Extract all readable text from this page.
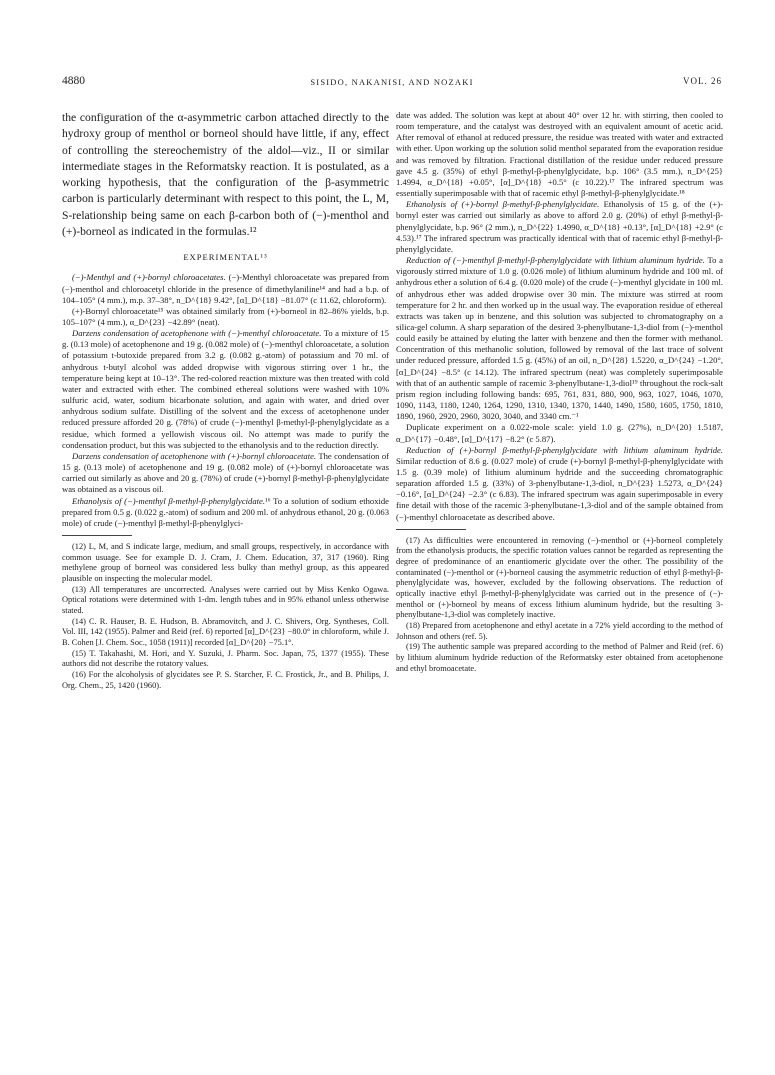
4880	SISIDO, NAKANISI, AND NOZAKI	VOL. 26

the configuration of the α-asymmetric carbon attached directly to the hydroxy group of menthol or borneol should have little, if any, effect of controlling the stereochemistry of the aldol—viz., II or similar intermediate stages in the Reformatsky reaction. It is postulated, as a working hypothesis, that the configuration of the β-asymmetric carbon is particularly determinant with respect to this point, the L, M, S-relationship being same on each β-carbon both of (−)-menthol and (+)-borneol as indicated in the formulas.¹²

EXPERIMENTAL¹³

(−)-Menthyl and (+)-bornyl chloroacetates. (−)-Menthyl chloroacetate was prepared from (−)-menthol and chloroacetyl chloride in the presence of dimethylaniline¹⁴ and had a b.p. of 104–105° (4 mm.), m.p. 37–38°, n_D^{18} 9.42°, [α]_D^{18} −81.07° (c 11.62, chloroform).

(+)-Bornyl chloroacetate¹⁵ was obtained similarly from (+)-borneol in 82–86% yields, b.p. 105–107° (4 mm.), α_D^{23} −42.89° (neat).

Darzens condensation of acetophenone with (−)-menthyl chloroacetate. To a mixture of 15 g. (0.13 mole) of acetophenone and 19 g. (0.082 mole) of (−)-menthyl chloroacetate, a solution of potassium t-butoxide prepared from 3.2 g. (0.082 g.-atom) of potassium and 70 ml. of anhydrous t-butyl alcohol was added dropwise with vigorous stirring over 1 hr., the temperature being kept at 10–13°. The red-colored reaction mixture was then treated with cold water and extracted with ether. The combined ethereal solutions were washed with 10% sulfuric acid, water, sodium bicarbonate solution, and again with water, and dried over anhydrous sodium sulfate. Distilling of the solvent and the excess of acetophenone under reduced pressure afforded 20 g. (78%) of crude (−)-menthyl β-methyl-β-phenylglycidate as a residue, which formed a yellowish viscous oil. No attempt was made to purify the condensation product, but this was subjected to the ethanolysis and to the reduction directly.

Darzens condensation of acetophenone with (+)-bornyl chloroacetate. The condensation of 15 g. (0.13 mole) of acetophenone and 19 g. (0.082 mole) of (+)-bornyl chloroacetate was carried out similarly as above and 20 g. (78%) of crude (+)-bornyl β-methyl-β-phenylglycidate was obtained as a viscous oil.

Ethanolysis of (−)-menthyl β-methyl-β-phenylglycidate.¹⁶ To a solution of sodium ethoxide prepared from 0.5 g. (0.022 g.-atom) of sodium and 200 ml. of anhydrous ethanol, 20 g. (0.063 mole) of crude (−)-menthyl β-methyl-β-phenylglyci-

(12) L, M, and S indicate large, medium, and small groups, respectively, in accordance with common usuage. See for example D. J. Cram, J. Chem. Education, 37, 317 (1960). Ring methylene group of borneol was considered less bulky than methyl group, as this appeared plausible on inspecting the molecular model.

(13) All temperatures are uncorrected. Analyses were carried out by Miss Kenko Ogawa. Optical rotations were determined with 1-dm. length tubes and in 95% ethanol unless otherwise stated.

(14) C. R. Hauser, B. E. Hudson, B. Abramovitch, and J. C. Shivers, Org. Syntheses, Coll. Vol. III, 142 (1955). Palmer and Reid (ref. 6) reported [α]_D^{23} −80.0° in chloroform, while J. B. Cohen [J. Chem. Soc., 1058 (1911)] recorded [α]_D^{20} −75.1°.

(15) T. Takahashi, M. Hori, and Y. Suzuki, J. Pharm. Soc. Japan, 75, 1377 (1955). These authors did not describe the rotatory values.

(16) For the alcoholysis of glycidates see P. S. Starcher, F. C. Frostick, Jr., and B. Philips, J. Org. Chem., 25, 1420 (1960).

date was added. The solution was kept at about 40° over 12 hr. with stirring, then cooled to room temperature, and the catalyst was destroyed with an equivalent amount of acetic acid. After removal of ethanol at reduced pressure, the residue was treated with water and extracted with ether. Upon working up the solution solid menthol separated from the evaporation residue and was removed by filtration. Fractional distillation of the residue under reduced pressure gave 4.5 g. (35%) of ethyl β-methyl-β-phenylglycidate, b.p. 106° (3.5 mm.), n_D^{25} 1.4994, α_D^{18} +0.05°, [α]_D^{18} +0.5° (c 10.22).¹⁷ The infrared spectrum was essentially superimposable with that of racemic ethyl β-methyl-β-phenylglycidate.¹⁸

Ethanolysis of (+)-bornyl β-methyl-β-phenylglycidate. Ethanolysis of 15 g. of the (+)-bornyl ester was carried out similarly as above to afford 2.0 g. (20%) of ethyl β-methyl-β-phenylglycidate, b.p. 96° (2 mm.), n_D^{22} 1.4990, α_D^{18} +0.13°, [α]_D^{18} +2.9° (c 4.53).¹⁷ The infrared spectrum was practically identical with that of racemic ethyl β-methyl-β-phenylglycidate.

Reduction of (−)-menthyl β-methyl-β-phenylglycidate with lithium aluminum hydride. To a vigorously stirred mixture of 1.0 g. (0.026 mole) of lithium aluminum hydride and 100 ml. of anhydrous ether a solution of 6.4 g. (0.020 mole) of the crude (−)-menthyl glycidate in 100 ml. of anhydrous ether was added dropwise over 30 min. The mixture was stirred at room temperature for 2 hr. and then worked up in the usual way. The evaporation residue of ethereal extracts was taken up in benzene, and this solution was subjected to chromatography on a silica-gel column. A sharp separation of the desired 3-phenylbutane-1,3-diol from (−)-menthol could easily be attained by eluting the latter with benzene and then the former with methanol. Concentration of this methanolic solution, followed by removal of the last trace of solvent under reduced pressure, afforded 1.5 g. (45%) of an oil, n_D^{28} 1.5220, α_D^{24} −1.20°, [α]_D^{24} −8.5° (c 14.12). The infrared spectrum (neat) was completely superimposable with that of an authentic sample of racemic 3-phenylbutane-1,3-diol¹⁹ throughout the rock-salt prism region including following bands: 695, 761, 831, 880, 900, 963, 1027, 1046, 1070, 1090, 1143, 1180, 1240, 1264, 1290, 1310, 1340, 1370, 1440, 1490, 1580, 1605, 1750, 1810, 1890, 1960, 2920, 2960, 3020, 3040, and 3340 cm.⁻¹

Duplicate experiment on a 0.022-mole scale: yield 1.0 g. (27%), n_D^{20} 1.5187, α_D^{17} −0.48°, [α]_D^{17} −8.2° (c 5.87).

Reduction of (+)-bornyl β-methyl-β-phenylglycidate with lithium aluminum hydride. Similar reduction of 8.6 g. (0.027 mole) of crude (+)-bornyl β-methyl-β-phenylglycidate with 1.5 g. (0.39 mole) of lithium aluminum hydride and the succeeding chromatographic separation afforded 1.5 g. (33%) of 3-phenylbutane-1,3-diol, n_D^{23} 1.5273, α_D^{24} −0.16°, [α]_D^{24} −2.3° (c 6.83). The infrared spectrum was again superimposable in every fine detail with those of the racemic 3-phenylbutane-1,3-diol and of the sample obtained from (−)-menthyl chloroacetate as described above.

(17) As difficulties were encountered in removing (−)-menthol or (+)-borneol completely from the ethanolysis products, the specific rotation values cannot be regarded as representing the degree of predominance of an enantiomeric glycidate over the other. The possibility of the contaminated (−)-menthol or (+)-borneol causing the asymmetric reduction of ethyl β-methyl-β-phenylglycidate was, however, excluded by the following observations. The reduction of optically inactive ethyl β-methyl-β-phenylglycidate was carried out in the presence of (−)-menthol or (+)-borneol by means of excess lithium aluminum hydride, but the resulting 3-phenylbutane-1,3-diol was completely inactive.

(18) Prepared from acetophenone and ethyl acetate in a 72% yield according to the method of Johnson and others (ref. 5).

(19) The authentic sample was prepared according to the method of Palmer and Reid (ref. 6) by lithium aluminum hydride reduction of the Reformatsky ester obtained from acetophenone and ethyl bromoacetate.
